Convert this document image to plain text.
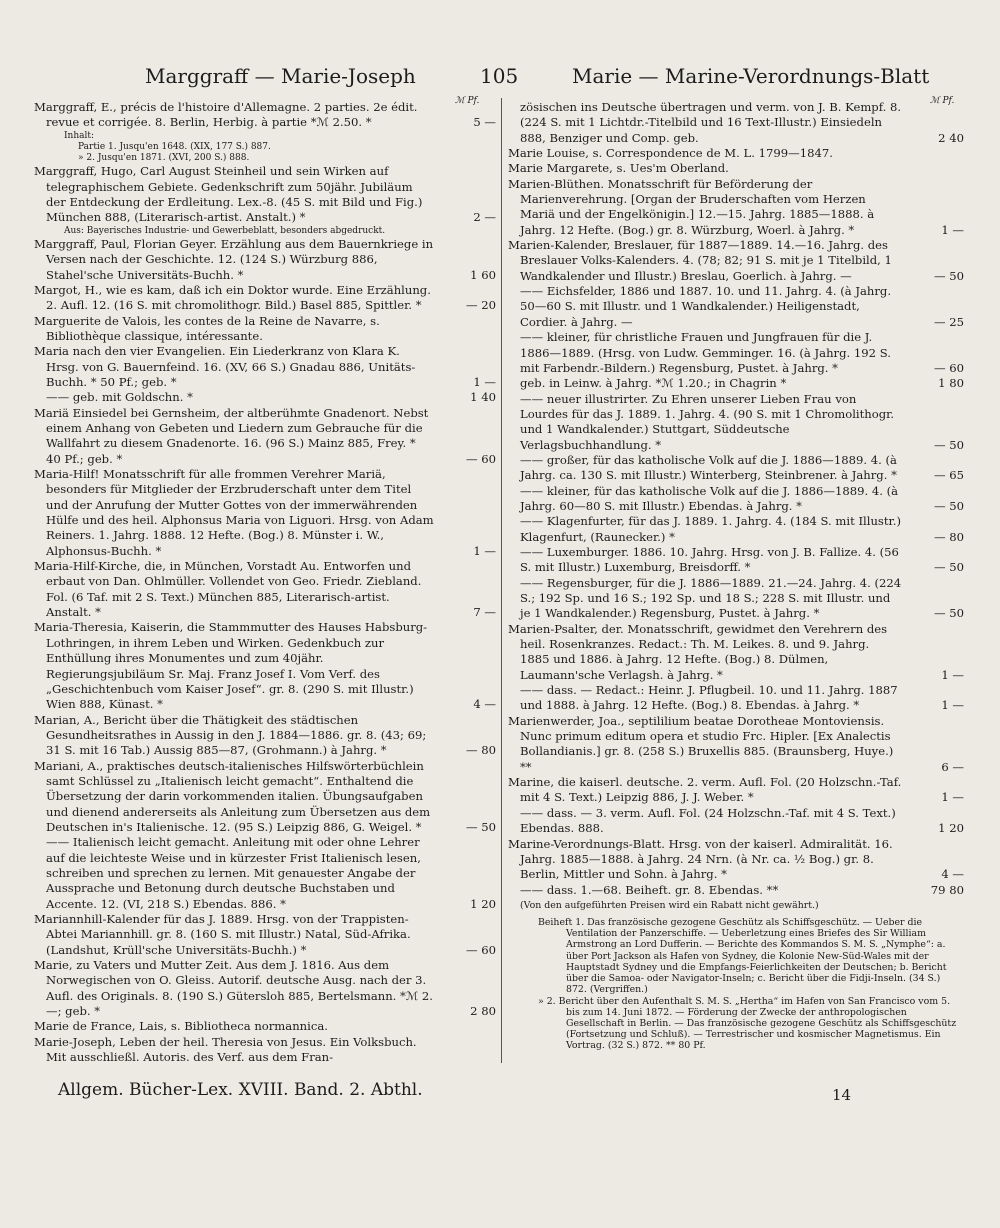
Marggraff — Marie-Joseph	105	Marie — Marine-Verordnungs-Blatt
ℳ Pf.	ℳ Pf.

Marggraff, E., précis de l'histoire d'Allemagne. 2 parties. 2e édit. revue et corrigée. 8. Berlin, Herbig. à partie *ℳ 2.50. *	5 —

Inhalt:

Partie 1. Jusqu'en 1648. (XIX, 177 S.) 887.

» 2. Jusqu'en 1871. (XVI, 200 S.) 888.

Marggraff, Hugo, Carl August Steinheil und sein Wirken auf telegraphischem Gebiete. Gedenkschrift zum 50jähr. Jubiläum der Entdeckung der Erdleitung. Lex.-8. (45 S. mit Bild und Fig.) München 888, (Literarisch-artist. Anstalt.) *	2 —

Aus: Bayerisches Industrie- und Gewerbeblatt, besonders abgedruckt.

Marggraff, Paul, Florian Geyer. Erzählung aus dem Bauernkriege in Versen nach der Geschichte. 12. (124 S.) Würzburg 886, Stahel'sche Universitäts-Buchh. *	1 60

Margot, H., wie es kam, daß ich ein Doktor wurde. Eine Erzählung. 2. Aufl. 12. (16 S. mit chromolithogr. Bild.) Basel 885, Spittler. *	— 20

Marguerite de Valois, les contes de la Reine de Navarre, s. Bibliothèque classique, intéressante.

Maria nach den vier Evangelien. Ein Liederkranz von Klara K. Hrsg. von G. Bauernfeind. 16. (XV, 66 S.) Gnadau 886, Unitäts-Buchh. * 50 Pf.; geb. *	1 —

—— geb. mit Goldschn. *	1 40

Mariä Einsiedel bei Gernsheim, der altberühmte Gnadenort. Nebst einem Anhang von Gebeten und Liedern zum Gebrauche für die Wallfahrt zu diesem Gnadenorte. 16. (96 S.) Mainz 885, Frey. * 40 Pf.; geb. *	— 60

Maria-Hilf! Monatsschrift für alle frommen Verehrer Mariä, besonders für Mitglieder der Erzbruderschaft unter dem Titel und der Anrufung der Mutter Gottes von der immerwährenden Hülfe und des heil. Alphonsus Maria von Liguori. Hrsg. von Adam Reiners. 1. Jahrg. 1888. 12 Hefte. (Bog.) 8. Münster i. W., Alphonsus-Buchh. *	1 —

Maria-Hilf-Kirche, die, in München, Vorstadt Au. Entworfen und erbaut von Dan. Ohlmüller. Vollendet von Geo. Friedr. Ziebland. Fol. (6 Taf. mit 2 S. Text.) München 885, Literarisch-artist. Anstalt. *	7 —

Maria-Theresia, Kaiserin, die Stammmutter des Hauses Habsburg-Lothringen, in ihrem Leben und Wirken. Gedenkbuch zur Enthüllung ihres Monumentes und zum 40jähr. Regierungsjubiläum Sr. Maj. Franz Josef I. Vom Verf. des „Geschichtenbuch vom Kaiser Josef“. gr. 8. (290 S. mit Illustr.) Wien 888, Künast. *	4 —

Marian, A., Bericht über die Thätigkeit des städtischen Gesundheitsrathes in Aussig in den J. 1884—1886. gr. 8. (43; 69; 31 S. mit 16 Tab.) Aussig 885—87, (Grohmann.) à Jahrg. *	— 80

Mariani, A., praktisches deutsch-italienisches Hilfswörterbüchlein samt Schlüssel zu „Italienisch leicht gemacht“. Enthaltend die Übersetzung der darin vorkommenden italien. Übungsaufgaben und dienend andererseits als Anleitung zum Übersetzen aus dem Deutschen in's Italienische. 12. (95 S.) Leipzig 886, G. Weigel. *	— 50

—— Italienisch leicht gemacht. Anleitung mit oder ohne Lehrer auf die leichteste Weise und in kürzester Frist Italienisch lesen, schreiben und sprechen zu lernen. Mit genauester Angabe der Aussprache und Betonung durch deutsche Buchstaben und Accente. 12. (VI, 218 S.) Ebendas. 886. *	1 20

Mariannhill-Kalender für das J. 1889. Hrsg. von der Trappisten-Abtei Mariannhill. gr. 8. (160 S. mit Illustr.) Natal, Süd-Afrika. (Landshut, Krüll'sche Universitäts-Buchh.) *	— 60

Marie, zu Vaters und Mutter Zeit. Aus dem J. 1816. Aus dem Norwegischen von O. Gleiss. Autorif. deutsche Ausg. nach der 3. Aufl. des Originals. 8. (190 S.) Gütersloh 885, Bertelsmann. *ℳ 2.—; geb. *	2 80

Marie de France, Lais, s. Bibliotheca normannica.

Marie-Joseph, Leben der heil. Theresia von Jesus. Ein Volksbuch. Mit ausschließl. Autoris. des Verf. aus dem Fran-

zösischen ins Deutsche übertragen und verm. von J. B. Kempf. 8. (224 S. mit 1 Lichtdr.-Titelbild und 16 Text-Illustr.) Einsiedeln 888, Benziger und Comp. geb.	2 40

Marie Louise, s. Correspondence de M. L. 1799—1847.

Marie Margarete, s. Ues'm Oberland.

Marien-Blüthen. Monatsschrift für Beförderung der Marienverehrung. [Organ der Bruderschaften vom Herzen Mariä und der Engelkönigin.] 12.—15. Jahrg. 1885—1888. à Jahrg. 12 Hefte. (Bog.) gr. 8. Würzburg, Woerl. à Jahrg. *	1 —

Marien-Kalender, Breslauer, für 1887—1889. 14.—16. Jahrg. des Breslauer Volks-Kalenders. 4. (78; 82; 91 S. mit je 1 Titelbild, 1 Wandkalender und Illustr.) Breslau, Goerlich. à Jahrg. —	— 50

—— Eichsfelder, 1886 und 1887. 10. und 11. Jahrg. 4. (à Jahrg. 50—60 S. mit Illustr. und 1 Wandkalender.) Heiligenstadt, Cordier. à Jahrg. —	— 25

—— kleiner, für christliche Frauen und Jungfrauen für die J. 1886—1889. (Hrsg. von Ludw. Gemminger. 16. (à Jahrg. 192 S. mit Farbendr.-Bildern.) Regensburg, Pustet. à Jahrg. *	— 60

geb. in Leinw. à Jahrg. *ℳ 1.20.; in Chagrin *	1 80

—— neuer illustrirter. Zu Ehren unserer Lieben Frau von Lourdes für das J. 1889. 1. Jahrg. 4. (90 S. mit 1 Chromolithogr. und 1 Wandkalender.) Stuttgart, Süddeutsche Verlagsbuchhandlung. *	— 50

—— großer, für das katholische Volk auf die J. 1886—1889. 4. (à Jahrg. ca. 130 S. mit Illustr.) Winterberg, Steinbrener. à Jahrg. *	— 65

—— kleiner, für das katholische Volk auf die J. 1886—1889. 4. (à Jahrg. 60—80 S. mit Illustr.) Ebendas. à Jahrg. *	— 50

—— Klagenfurter, für das J. 1889. 1. Jahrg. 4. (184 S. mit Illustr.) Klagenfurt, (Raunecker.) *	— 80

—— Luxemburger. 1886. 10. Jahrg. Hrsg. von J. B. Fallize. 4. (56 S. mit Illustr.) Luxemburg, Breisdorff. *	— 50

—— Regensburger, für die J. 1886—1889. 21.—24. Jahrg. 4. (224 S.; 192 Sp. und 16 S.; 192 Sp. und 18 S.; 228 S. mit Illustr. und je 1 Wandkalender.) Regensburg, Pustet. à Jahrg. *	— 50

Marien-Psalter, der. Monatsschrift, gewidmet den Verehrern des heil. Rosenkranzes. Redact.: Th. M. Leikes. 8. und 9. Jahrg. 1885 und 1886. à Jahrg. 12 Hefte. (Bog.) 8. Dülmen, Laumann'sche Verlagsh. à Jahrg. *	1 —

—— dass. — Redact.: Heinr. J. Pflugbeil. 10. und 11. Jahrg. 1887 und 1888. à Jahrg. 12 Hefte. (Bog.) 8. Ebendas. à Jahrg. *	1 —

Marienwerder, Joa., septililium beatae Dorotheae Montoviensis. Nunc primum editum opera et studio Frc. Hipler. [Ex Analectis Bollandianis.] gr. 8. (258 S.) Bruxellis 885. (Braunsberg, Huye.) **	6 —

Marine, die kaiserl. deutsche. 2. verm. Aufl. Fol. (20 Holzschn.-Taf. mit 4 S. Text.) Leipzig 886, J. J. Weber. *	1 —

—— dass. — 3. verm. Aufl. Fol. (24 Holzschn.-Taf. mit 4 S. Text.) Ebendas. 888.	1 20

Marine-Verordnungs-Blatt. Hrsg. von der kaiserl. Admiralität. 16. Jahrg. 1885—1888. à Jahrg. 24 Nrn. (à Nr. ca. ½ Bog.) gr. 8. Berlin, Mittler und Sohn. à Jahrg. *	4 —

—— dass. 1.—68. Beiheft. gr. 8. Ebendas. **	79 80

(Von den aufgeführten Preisen wird ein Rabatt nicht gewährt.)

Beiheft 1. Das französische gezogene Geschütz als Schiffsgeschütz. — Ueber die Ventilation der Panzerschiffe. — Ueberletzung eines Briefes des Sir William Armstrong an Lord Dufferin. — Berichte des Kommandos S. M. S. „Nymphe“: a. über Port Jackson als Hafen von Sydney, die Kolonie New-Süd-Wales mit der Hauptstadt Sydney und die Empfangs-Feierlichkeiten der Deutschen; b. Bericht über die Samoa- oder Navigator-Inseln; c. Bericht über die Fidji-Inseln. (34 S.) 872. (Vergriffen.)

» 2. Bericht über den Aufenthalt S. M. S. „Hertha“ im Hafen von San Francisco vom 5. bis zum 14. Juni 1872. — Förderung der Zwecke der anthropologischen Gesellschaft in Berlin. — Das französische gezogene Geschütz als Schiffsgeschütz (Fortsetzung und Schluß). — Terrestrischer und kosmischer Magnetismus. Ein Vortrag. (32 S.) 872. ** 80 Pf.

Allgem. Bücher-Lex. XVIII. Band. 2. Abthl.	14
